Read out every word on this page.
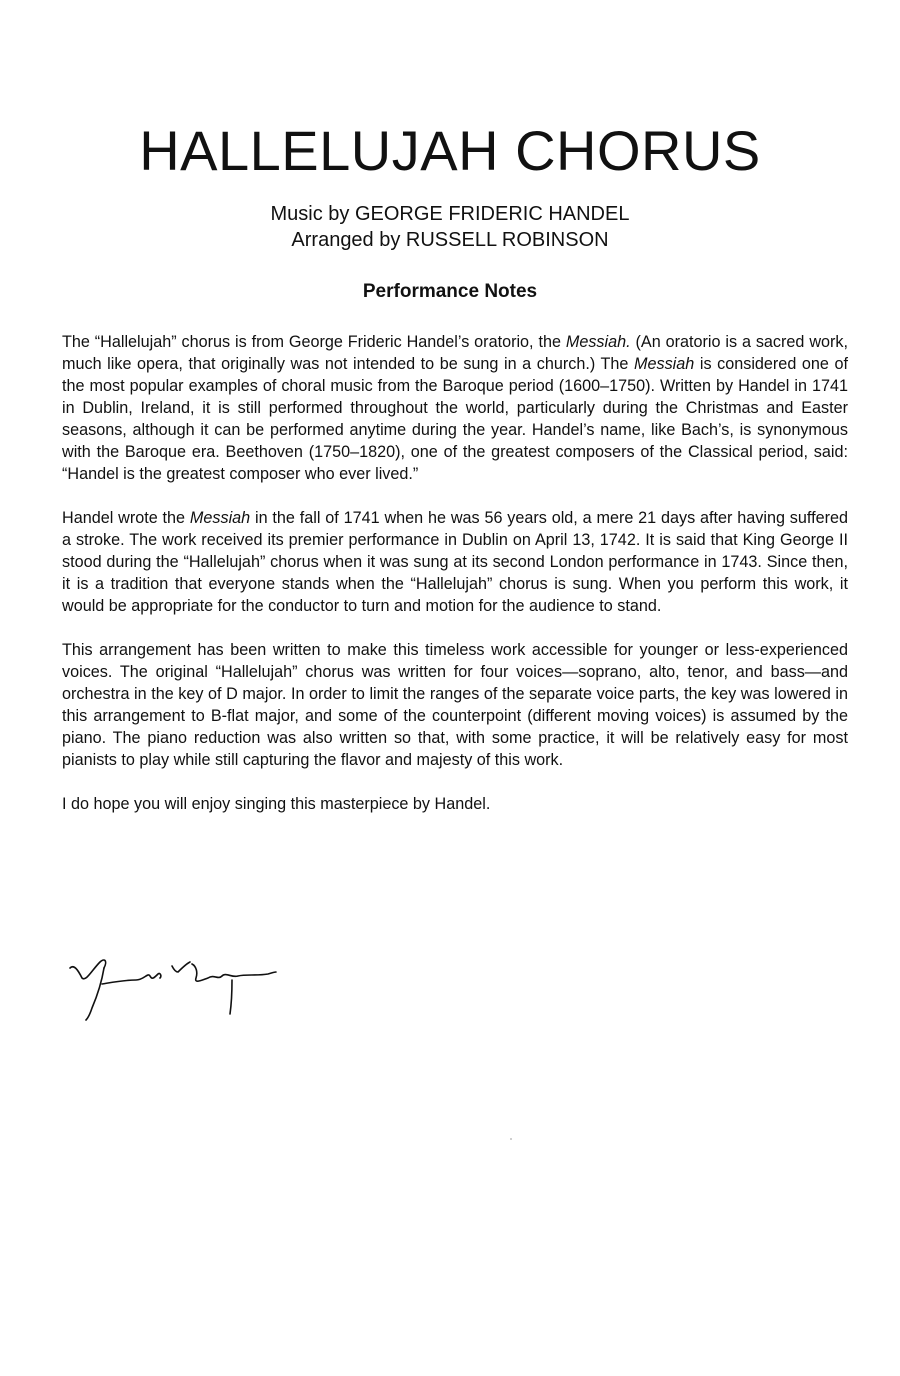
HALLELUJAH CHORUS
Music by GEORGE FRIDERIC HANDEL
Arranged by RUSSELL ROBINSON
Performance Notes

The “Hallelujah” chorus is from George Frideric Handel’s oratorio, the Messiah. (An oratorio is a sacred work, much like opera, that originally was not intended to be sung in a church.) The Messiah is considered one of the most popular examples of choral music from the Baroque period (1600–1750). Written by Handel in 1741 in Dublin, Ireland, it is still performed throughout the world, particularly during the Christmas and Easter seasons, although it can be performed anytime during the year. Handel’s name, like Bach’s, is synonymous with the Baroque era. Beethoven (1750–1820), one of the greatest composers of the Classical period, said: “Handel is the greatest composer who ever lived.”

Handel wrote the Messiah in the fall of 1741 when he was 56 years old, a mere 21 days after having suffered a stroke. The work received its premier performance in Dublin on April 13, 1742. It is said that King George II stood during the “Hallelujah” chorus when it was sung at its second London performance in 1743. Since then, it is a tradition that everyone stands when the “Hallelujah” chorus is sung. When you perform this work, it would be appropriate for the conductor to turn and motion for the audience to stand.

This arrangement has been written to make this timeless work accessible for younger or less-experienced voices. The original “Hallelujah” chorus was written for four voices—soprano, alto, tenor, and bass—and orchestra in the key of D major. In order to limit the ranges of the separate voice parts, the key was lowered in this arrangement to B-flat major, and some of the counterpoint (different moving voices) is assumed by the piano. The piano reduction was also written so that, with some practice, it will be relatively easy for most pianists to play while still capturing the flavor and majesty of this work.

I do hope you will enjoy singing this masterpiece by Handel.
